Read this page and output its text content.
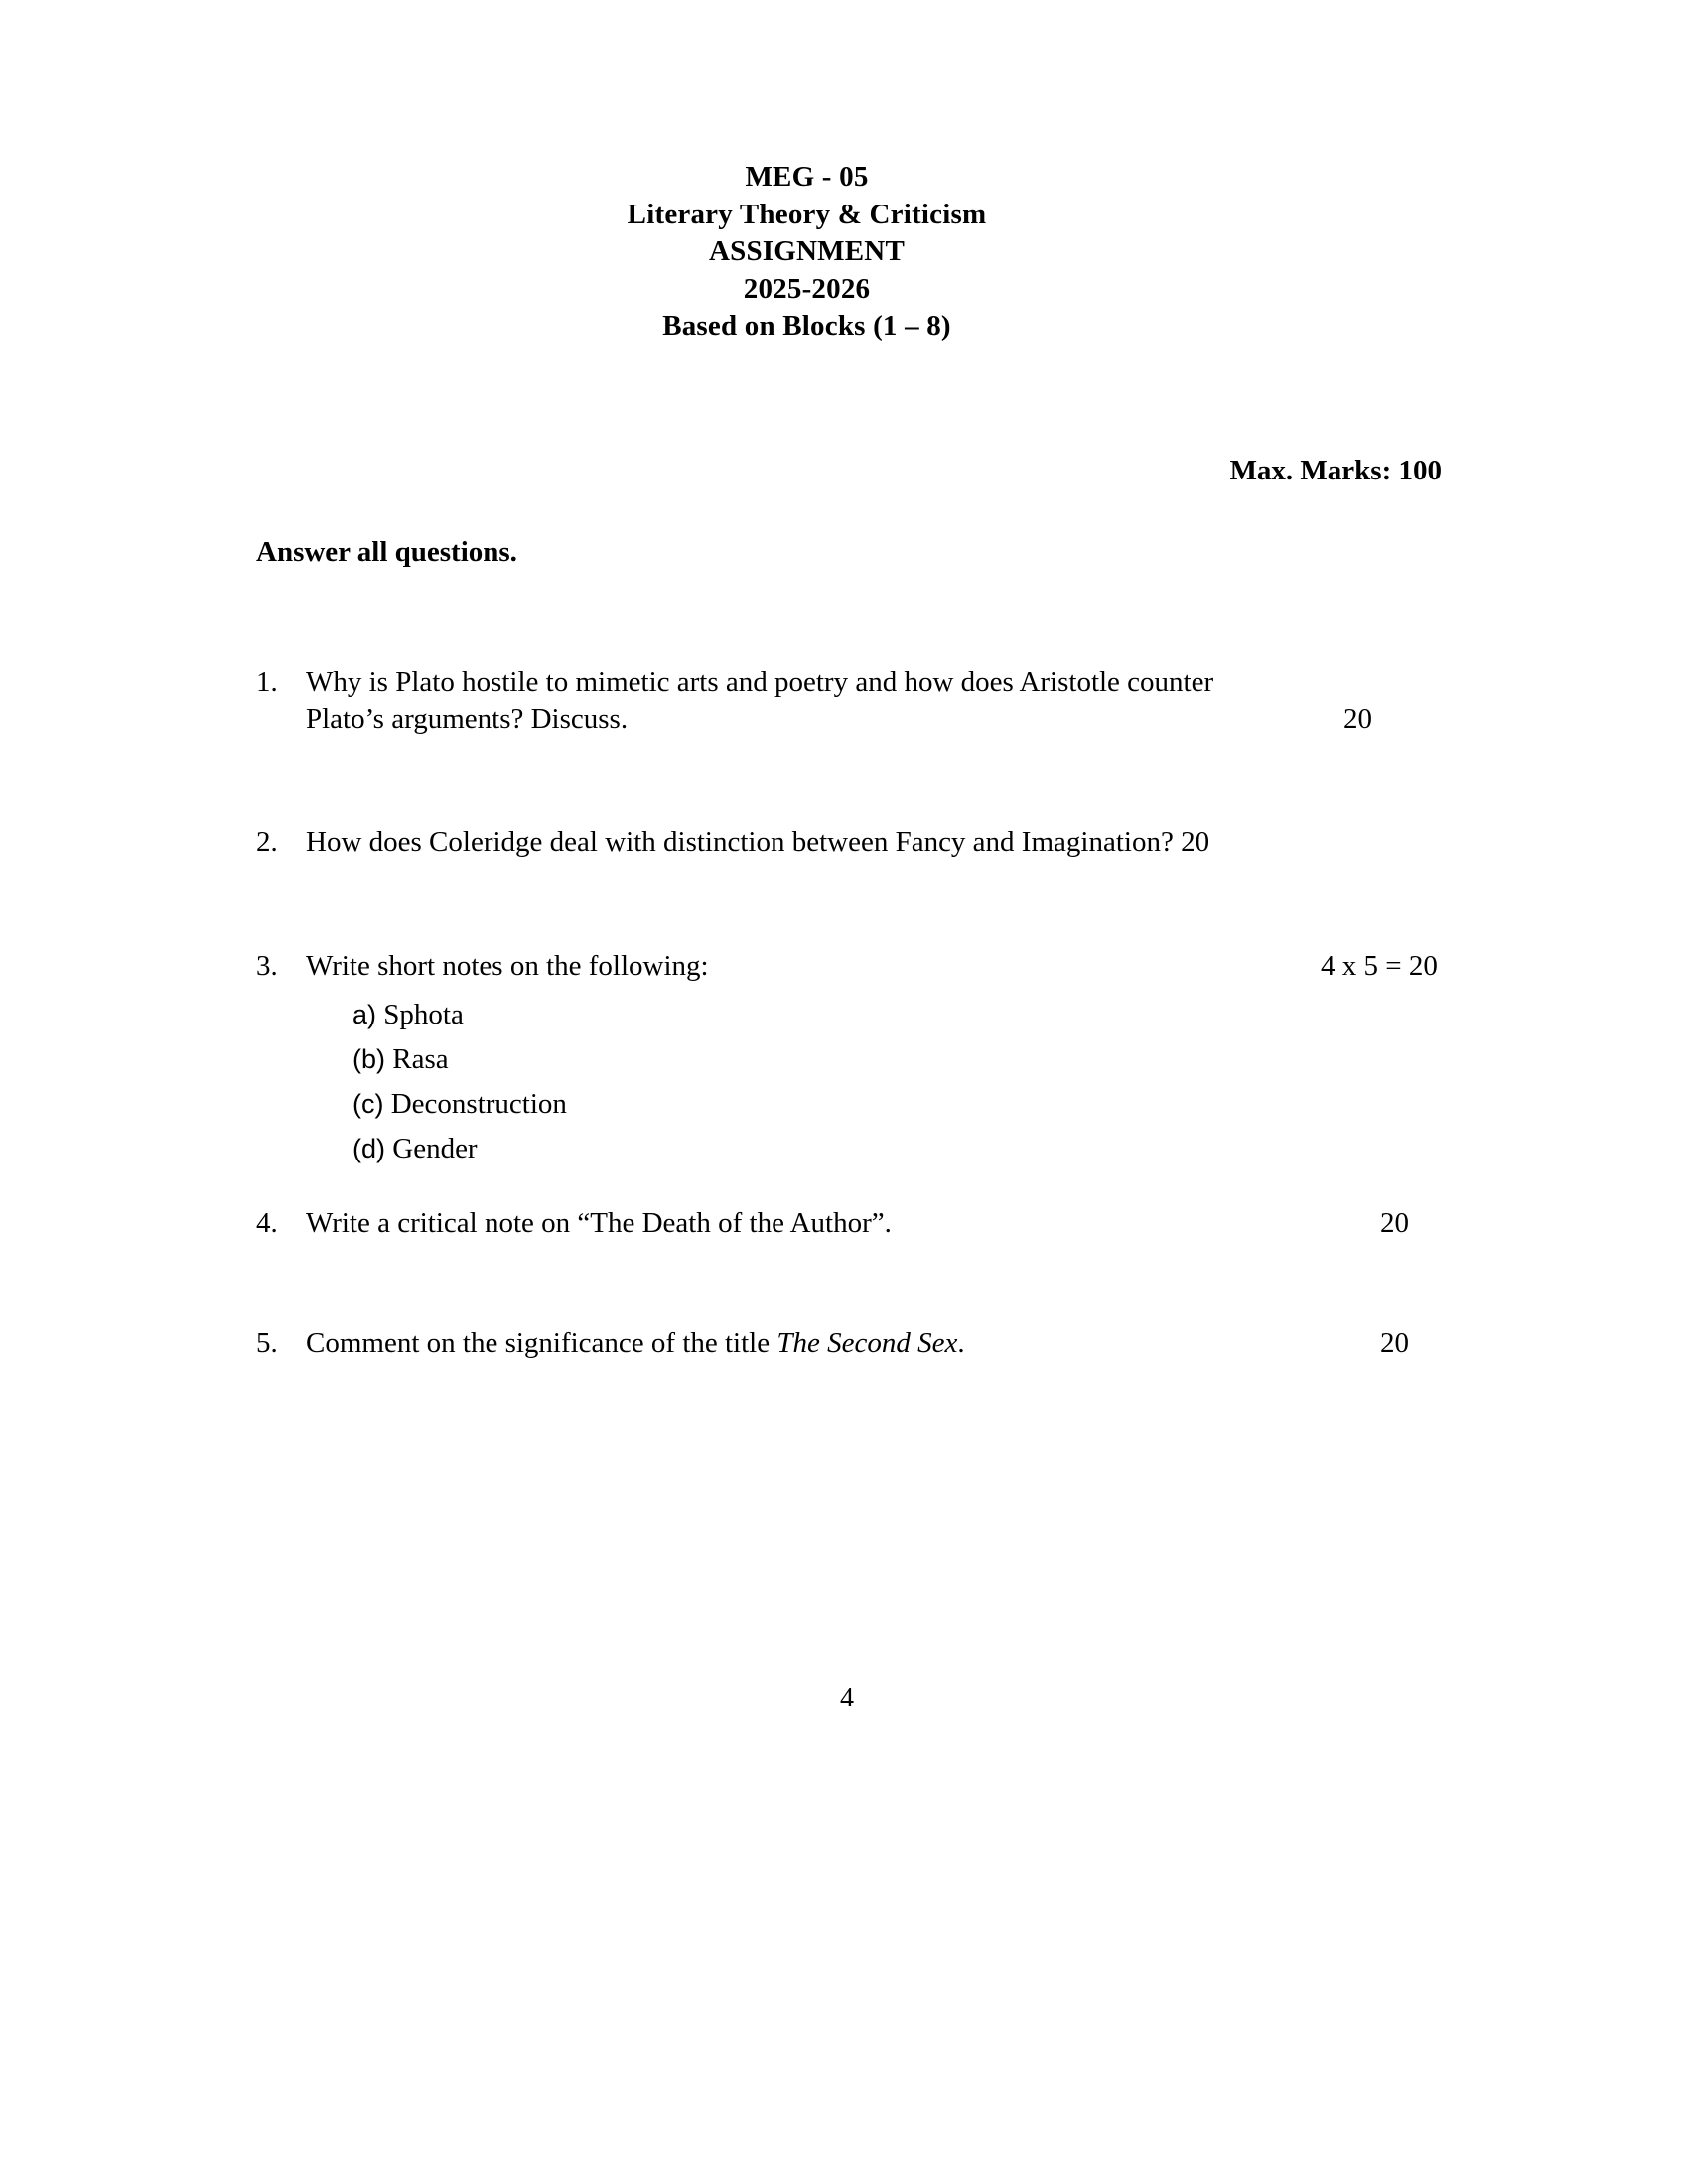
MEG - 05
Literary Theory & Criticism
ASSIGNMENT
2025-2026
Based on Blocks (1 – 8)
Max. Marks: 100
Answer all questions.
1. Why is Plato hostile to mimetic arts and poetry and how does Aristotle counter
Plato’s arguments? Discuss.	20
2. How does Coleridge deal with distinction between Fancy and Imagination? 20
3. Write short notes on the following:	4 x 5 = 20
a) Sphota
(b) Rasa
(c) Deconstruction
(d) Gender
4. Write a critical note on “The Death of the Author”.	20
5. Comment on the significance of the title The Second Sex.	20
4
